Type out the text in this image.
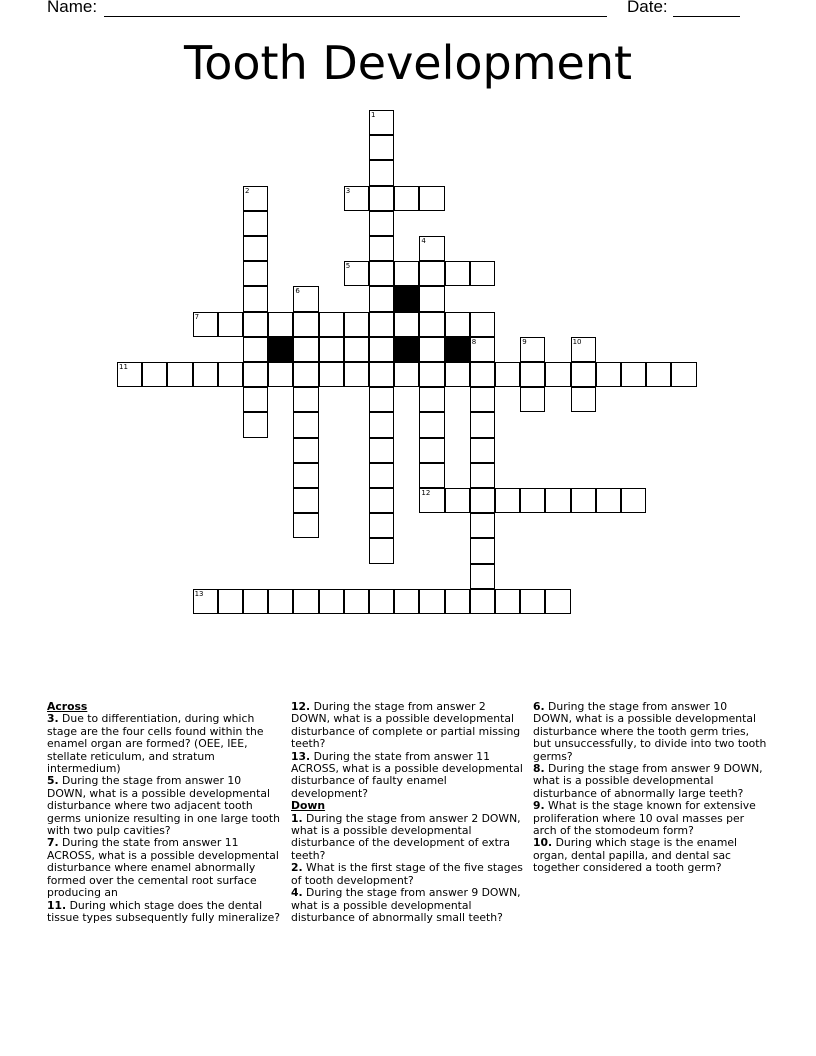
Name:	Date:
Tooth Development
3
5
7
11
12
13
1
2
4
6
8	9	10
Across

3. Due to differentiation, during which stage are the four cells found within the enamel organ are formed? (OEE, IEE, stellate reticulum, and stratum intermedium)

5. During the stage from answer 10 DOWN, what is a possible developmental disturbance where two adjacent tooth germs unionize resulting in one large tooth with two pulp cavities?

7. During the state from answer 11 ACROSS, what is a possible developmental disturbance where enamel abnormally formed over the cemental root surface producing an

11. During which stage does the dental tissue types subsequently fully mineralize?

12. During the stage from answer 2 DOWN, what is a possible developmental disturbance of complete or partial missing teeth?

13. During the state from answer 11 ACROSS, what is a possible developmental disturbance of faulty enamel development?

Down

1. During the stage from answer 2 DOWN, what is a possible developmental disturbance of the development of extra teeth?

2. What is the first stage of the five stages of tooth development?

4. During the stage from answer 9 DOWN, what is a possible developmental disturbance of abnormally small teeth?

6. During the stage from answer 10 DOWN, what is a possible developmental disturbance where the tooth germ tries, but unsuccessfully, to divide into two tooth germs?

8. During the stage from answer 9 DOWN, what is a possible developmental disturbance of abnormally large teeth?

9. What is the stage known for extensive proliferation where 10 oval masses per arch of the stomodeum form?

10. During which stage is the enamel organ, dental papilla, and dental sac together considered a tooth germ?
